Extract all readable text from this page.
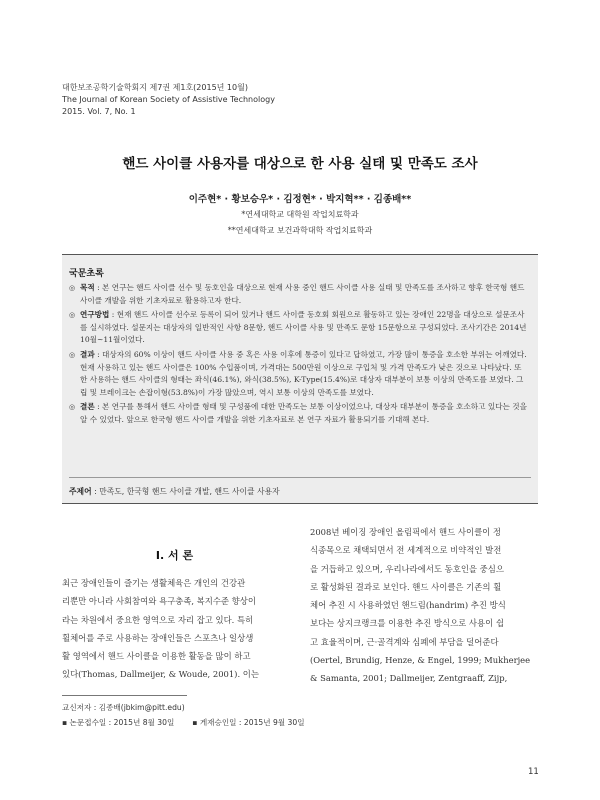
대한보조공학기술학회지 제7권 제1호(2015년 10월)
The Journal of Korean Society of Assistive Technology
2015. Vol. 7, No. 1
핸드 사이클 사용자를 대상으로 한 사용 실태 및 만족도 조사
이주현* · 황보승우* · 김정현* · 박지혁** · 김종배**
*연세대학교 대학원 작업치료학과
**연세대학교 보건과학대학 작업치료학과
국문초록
◎ 목적 : 본 연구는 핸드 사이클 선수 및 동호인을 대상으로 현재 사용 중인 핸드 사이클 사용 실태 및 만족도를 조사하고 향후 한국형 핸드 사이클 개발을 위한 기초자료로 활용하고자 한다.
◎ 연구방법 : 현재 핸드 사이클 선수로 등록이 되어 있거나 핸드 사이클 동호회 회원으로 활동하고 있는 장애인 22명을 대상으로 설문조사를 실시하였다. 설문지는 대상자의 일반적인 사항 8문항, 핸드 사이클 사용 및 만족도 문항 15문항으로 구성되었다. 조사기간은 2014년 10월~11월이었다.
◎ 결과 : 대상자의 60% 이상이 핸드 사이클 사용 중 혹은 사용 이후에 통증이 있다고 답하였고, 가장 많이 통증을 호소한 부위는 어깨였다. 현재 사용하고 있는 핸드 사이클은 100% 수입품이며, 가격대는 500만원 이상으로 구입처 및 가격 만족도가 낮은 것으로 나타났다. 또한 사용하는 핸드 사이클의 형태는 좌식(46.1%), 와식(38.5%), K-Type(15.4%)로 대상자 대부분이 보통 이상의 만족도를 보였다. 그립 및 브레이크는 손잡이형(53.8%)이 가장 많았으며, 역시 보통 이상의 만족도를 보였다.
◎ 결론 : 본 연구를 통해서 핸드 사이클 형태 및 구성품에 대한 만족도는 보통 이상이었으나, 대상자 대부분이 통증을 호소하고 있다는 것을 알 수 있었다. 앞으로 한국형 핸드 사이클 개발을 위한 기초자료로 본 연구 자료가 활용되기를 기대해 본다.
주제어 : 만족도, 한국형 핸드 사이클 개발, 핸드 사이클 사용자
Ⅰ. 서 론
최근 장애인들이 즐기는 생활체육은 개인의 건강관
리뿐만 아니라 사회참여와 욕구충족, 복지수준 향상이
라는 차원에서 중요한 영역으로 자리 잡고 있다. 특히
휠체어를 주로 사용하는 장애인들은 스포츠나 일상생
활 영역에서 핸드 사이클을 이용한 활동을 많이 하고
있다(Thomas, Dallmeijer, & Woude, 2001). 이는
2008년 베이징 장애인 올림픽에서 핸드 사이클이 정
식종목으로 채택되면서 전 세계적으로 비약적인 발전
을 거듭하고 있으며, 우리나라에서도 동호인을 중심으
로 활성화된 결과로 보인다. 핸드 사이클은 기존의 휠
체어 추진 시 사용하였던 핸드림(handrim) 추진 방식
보다는 상지크랭크를 이용한 추진 방식으로 사용이 쉽
고 효율적이며, 근·골격계와 심폐에 부담을 덜어준다
(Oertel, Brundig, Henze, & Engel, 1999; Mukherjee
& Samanta, 2001; Dallmeijer, Zentgraaff, Zijp,
교신저자 : 김종배(jbkim@pitt.edu)
▪ 논문접수일 : 2015년 8월 30일 ▪ 게재승인일 : 2015년 9월 30일
11
